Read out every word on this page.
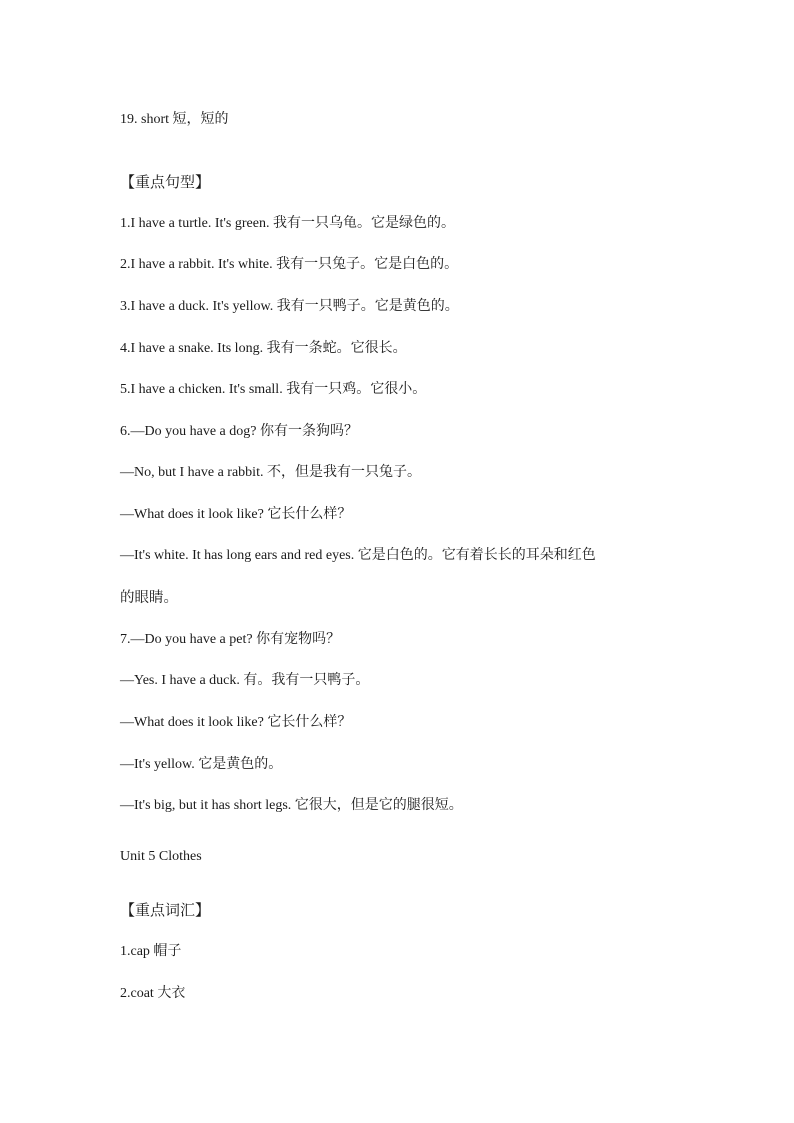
19. short 短，短的
【重点句型】
1.I have a turtle. It's green. 我有一只乌龟。它是绿色的。
2.I have a rabbit. It's white. 我有一只兔子。它是白色的。
3.I have a duck. It's yellow. 我有一只鸭子。它是黄色的。
4.I have a snake. Its long. 我有一条蛇。它很长。
5.I have a chicken. It's small. 我有一只鸡。它很小。
6.—Do you have a dog? 你有一条狗吗？
—No, but I have a rabbit. 不，但是我有一只兔子。
—What does it look like? 它长什么样？
—It's white. It has long ears and red eyes. 它是白色的。它有着长长的耳朵和红色
的眼睛。
7.—Do you have a pet? 你有宠物吗？
—Yes. I have a duck. 有。我有一只鸭子。
—What does it look like? 它长什么样？
—It's yellow. 它是黄色的。
—It's big, but it has short legs. 它很大，但是它的腿很短。
Unit 5 Clothes
【重点词汇】
1.cap 帽子
2.coat 大衣
